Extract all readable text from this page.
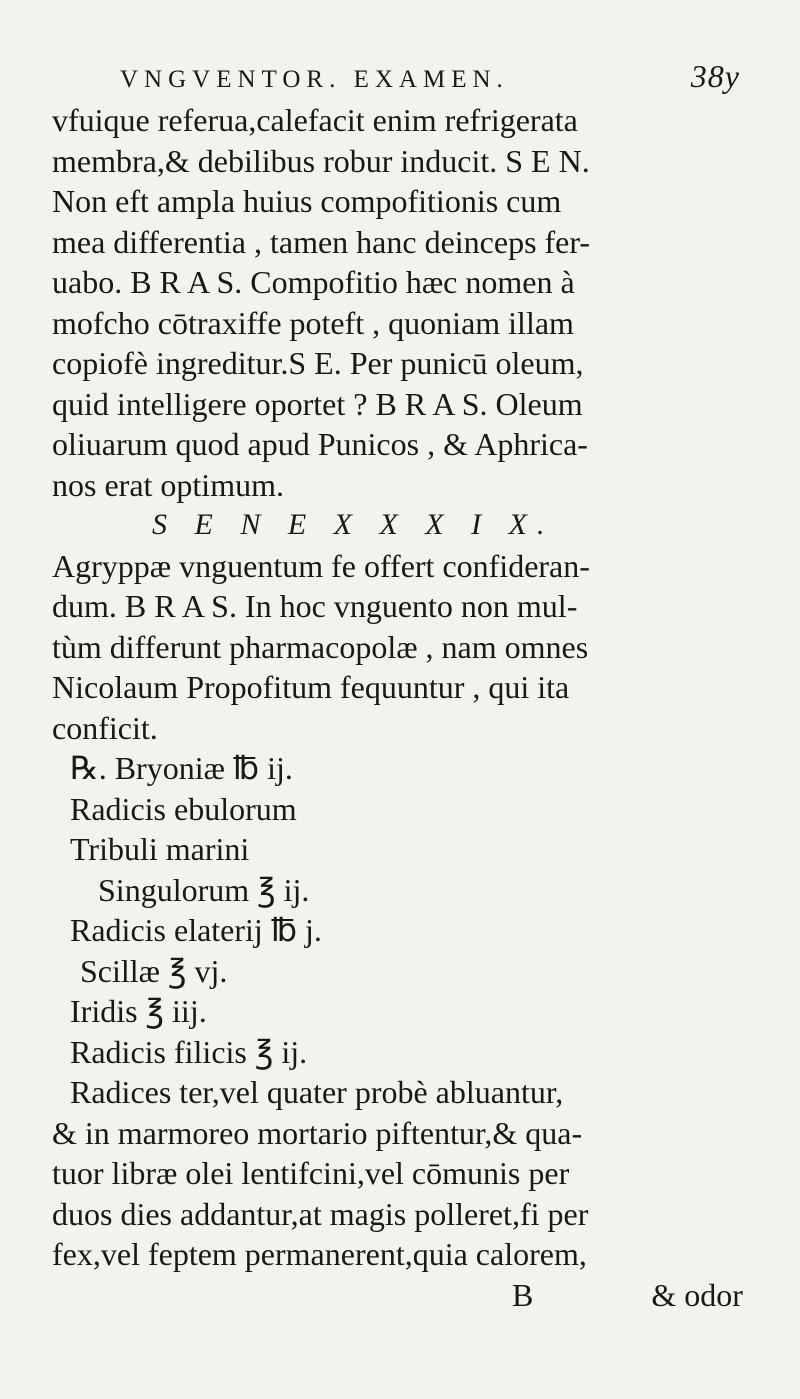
VNGVENTOR. EXAMEN.	38y
vfuique referua,calefacit enim refrigerata
membra,& debilibus robur inducit. S E N.
Non eft ampla huius compofitionis cum
mea differentia , tamen hanc deinceps fer-
uabo. B R A S. Compofitio hæc nomen à
mofcho cōtraxiffe poteft , quoniam illam
copiofè ingreditur.S E. Per punicū oleum,
quid intelligere oportet ? B R A S. Oleum
oliuarum quod apud Punicos , & Aphrica-
nos erat optimum.
S E N E X X X I X.
Agryppæ vnguentum fe offert confideran-
dum. B R A S. In hoc vnguento non mul-
tùm differunt pharmacopolæ , nam omnes
Nicolaum Propofitum fequuntur , qui ita
conficit.
℞. Bryoniæ ℔ ij.
Radicis ebulorum
Tribuli marini
Singulorum ℥ ij.
Radicis elaterij ℔ j.
Scillæ ℥ vj.
Iridis ℥ iij.
Radicis filicis ℥ ij.
Radices ter,vel quater probè abluantur,
& in marmoreo mortario piftentur,& qua-
tuor libræ olei lentifcini,vel cōmunis per
duos dies addantur,at magis polleret,fi per
fex,vel feptem permanerent,quia calorem,
B	& odor
